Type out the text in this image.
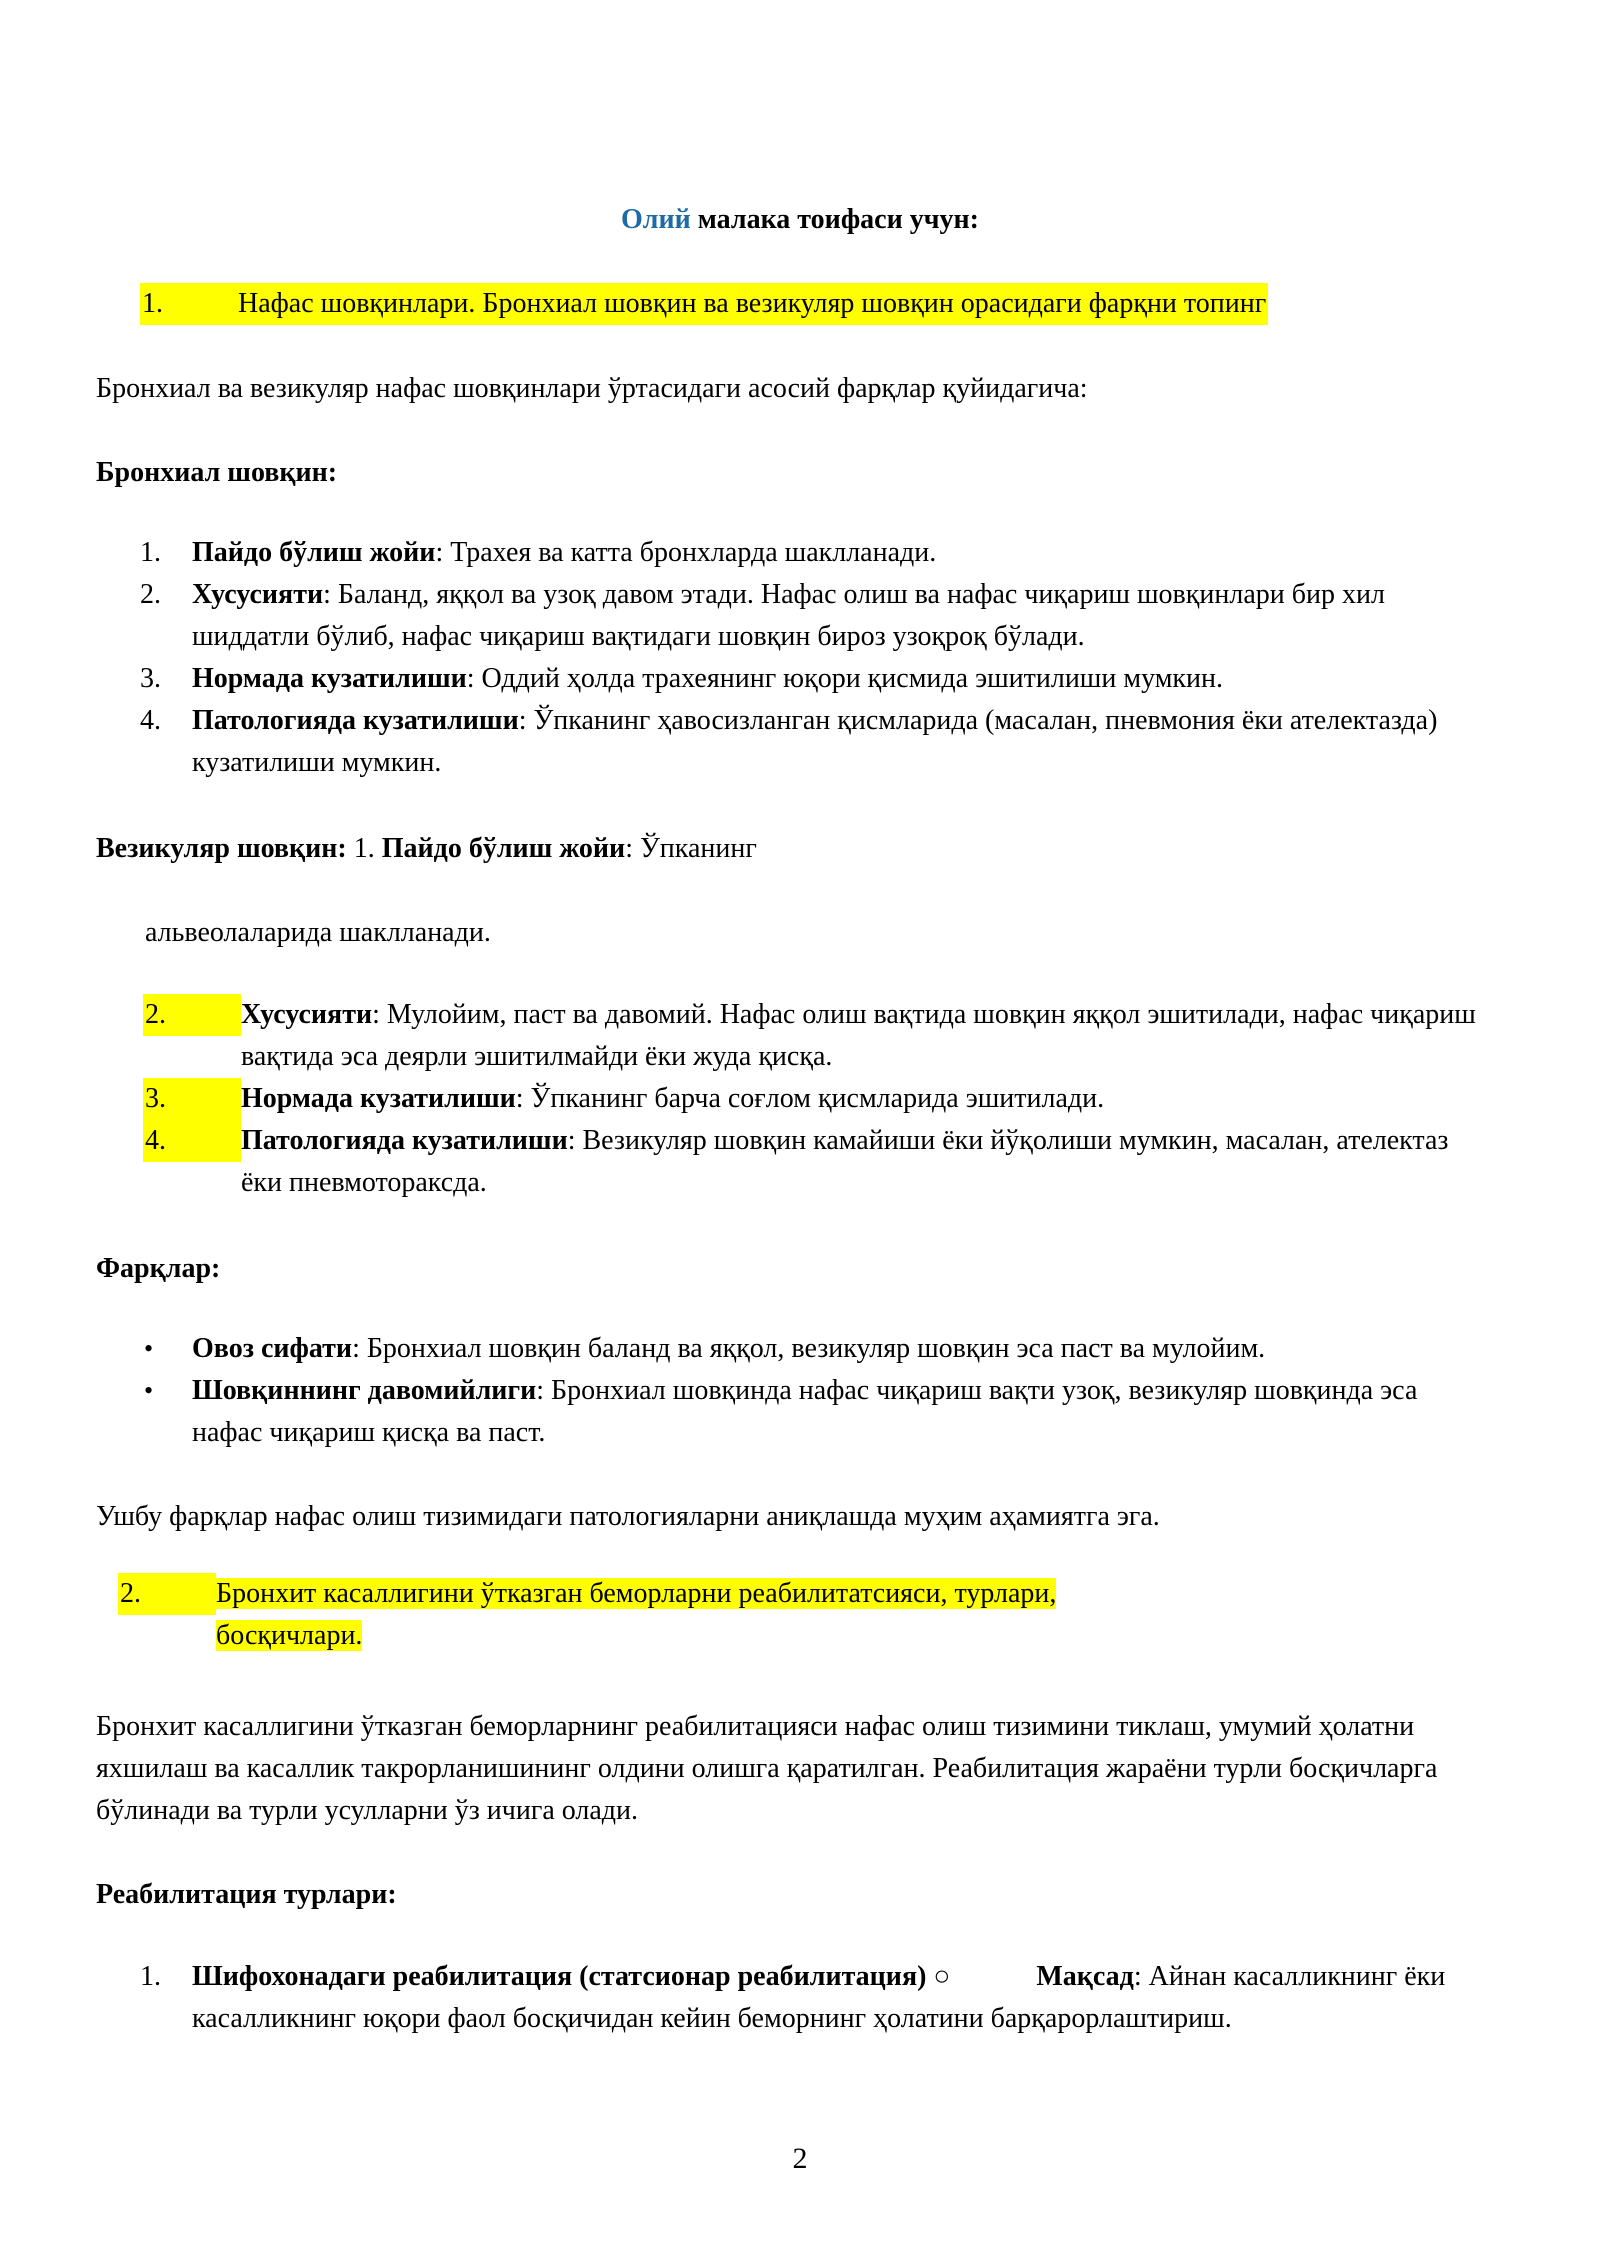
Олий малака тоифаси учун:
1.	Нафас шовқинлари. Бронхиал шовқин ва везикуляр шовқин орасидаги фарқни топинг
Бронхиал ва везикуляр нафас шовқинлари ўртасидаги асосий фарқлар қуйидагича:
Бронхиал шовқин:
1. Пайдо бўлиш жойи: Трахея ва катта бронхларда шаклланади.
2. Хусусияти: Баланд, яққол ва узоқ давом этади. Нафас олиш ва нафас чиқариш шовқинлари бир хил шиддатли бўлиб, нафас чиқариш вақтидаги шовқин бироз узоқроқ бўлади.
3. Нормада кузатилиши: Оддий ҳолда трахеянинг юқори қисмида эшитилиши мумкин.
4. Патологияда кузатилиши: Ўпканинг ҳавосизланган қисмларида (масалан, пневмония ёки ателектазда) кузатилиши мумкин.
Везикуляр шовқин: 1. Пайдо бўлиш жойи: Ўпканинг
альвеолаларида шаклланади.
2.	Хусусияти: Мулойим, паст ва давомий. Нафас олиш вақтида шовқин яққол эшитилади, нафас чиқариш вақтида эса деярли эшитилмайди ёки жуда қисқа.
3.	Нормада кузатилиши: Ўпканинг барча соғлом қисмларида эшитилади.
4.	Патологияда кузатилиши: Везикуляр шовқин камайиши ёки йўқолиши мумкин, масалан, ателектаз ёки пневмотораксда.
Фарқлар:
• Овоз сифати: Бронхиал шовқин баланд ва яққол, везикуляр шовқин эса паст ва мулойим.
• Шовқиннинг давомийлиги: Бронхиал шовқинда нафас чиқариш вақти узоқ, везикуляр шовқинда эса нафас чиқариш қисқа ва паст.
Ушбу фарқлар нафас олиш тизимидаги патологияларни аниқлашда муҳим аҳамиятга эга.
2.	Бронхит касаллигини ўтказган беморларни реабилитатсияси, турлари,
босқичлари.
Бронхит касаллигини ўтказган беморларнинг реабилитацияси нафас олиш тизимини тиклаш, умумий ҳолатни яхшилаш ва касаллик такрорланишининг олдини олишга қаратилган. Реабилитация жараёни турли босқичларга бўлинади ва турли усулларни ўз ичига олади.
Реабилитация турлари:
1. Шифохонадаги реабилитация (статсионар реабилитация) ○	Мақсад: Айнан касалликнинг ёки касалликнинг юқори фаол босқичидан кейин беморнинг ҳолатини барқарорлаштириш.
2
